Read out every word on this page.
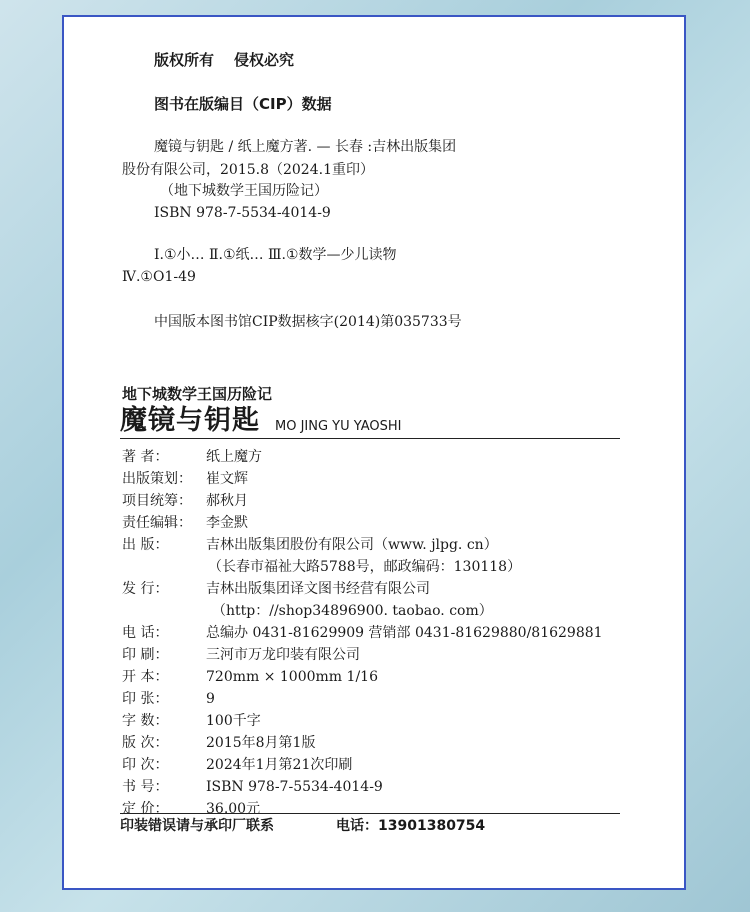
版权所有 侵权必究
图书在版编目（CIP）数据
魔镜与钥匙 / 纸上魔方著. — 长春 :吉林出版集团
股份有限公司，2015.8（2024.1重印）
（地下城数学王国历险记）
ISBN 978-7-5534-4014-9
Ⅰ.①小… Ⅱ.①纸… Ⅲ.①数学—少儿读物
Ⅳ.①O1-49
中国版本图书馆CIP数据核字(2014)第035733号
地下城数学王国历险记
魔镜与钥匙 MO JING YU YAOSHI
著 者：	纸上魔方
出版策划： 崔文辉
项目统筹： 郝秋月
责任编辑： 李金默
出 版：	吉林出版集团股份有限公司（www. jlpg. cn）
（长春市福祉大路5788号，邮政编码：130118）
发 行：	吉林出版集团译文图书经营有限公司
（http：//shop34896900. taobao. com）
电 话：	总编办 0431-81629909 营销部 0431-81629880/81629881
印 刷：	三河市万龙印装有限公司
开 本：	720mm × 1000mm 1/16
印 张：	9
字 数：	100千字
版 次：	2015年8月第1版
印 次：	2024年1月第21次印刷
书 号：	ISBN 978-7-5534-4014-9
定 价：	36.00元
印装错误请与承印厂联系	电话：13901380754
